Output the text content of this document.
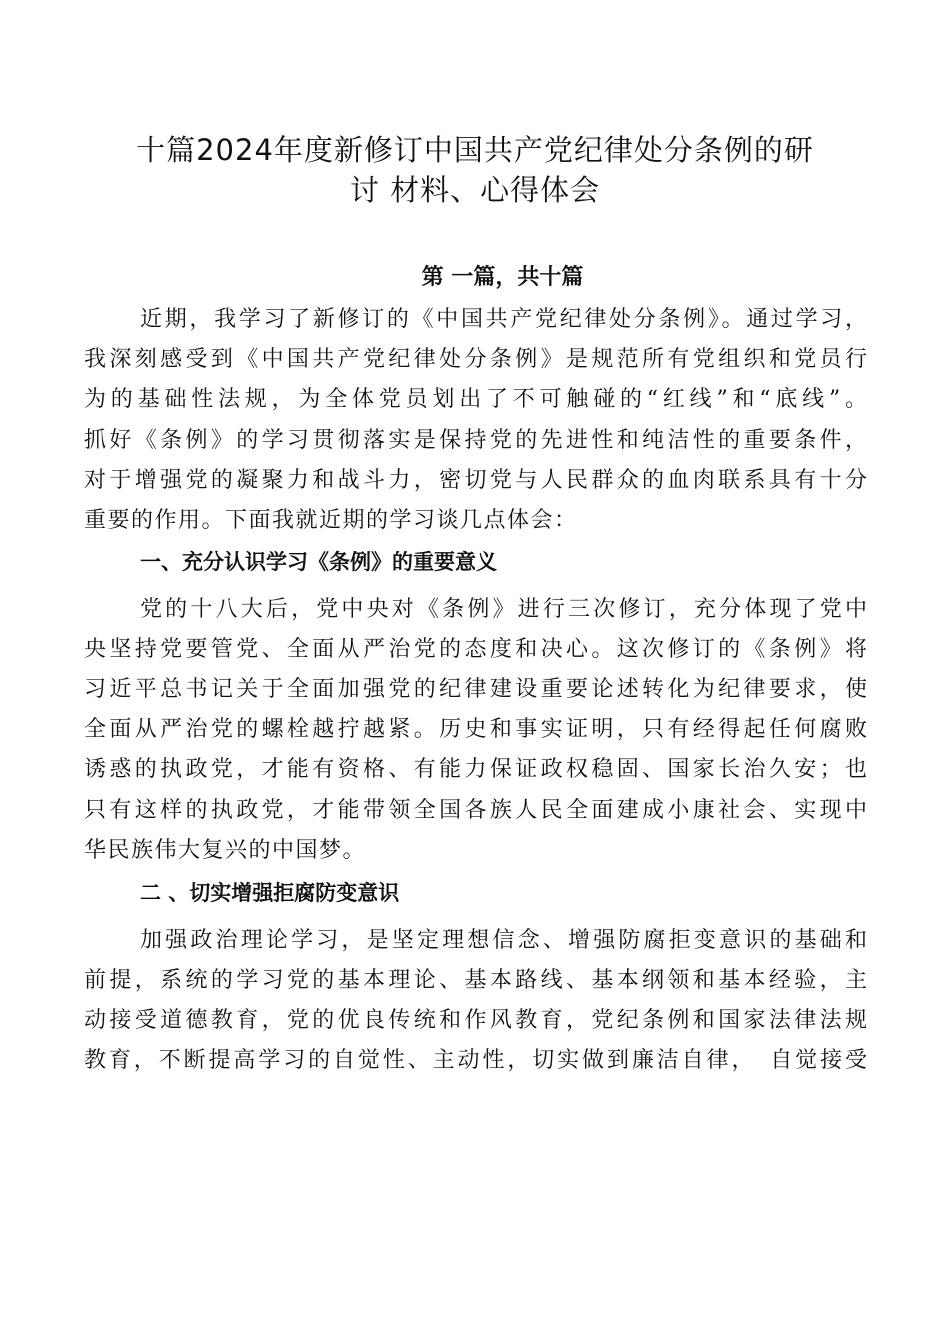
十篇2024年度新修订中国共产党纪律处分条例的研
讨 材料、心得体会
第 一篇，共十篇
近期，我学习了新修订的《中国共产党纪律处分条例》。通过学习，
我深刻感受到《中国共产党纪律处分条例》是规范所有党组织和党员行
为的基础性法规，为全体党员划出了不可触碰的“红线”和“底线”。
抓好《条例》的学习贯彻落实是保持党的先进性和纯洁性的重要条件，
对于增强党的凝聚力和战斗力，密切党与人民群众的血肉联系具有十分
重要的作用。下面我就近期的学习谈几点体会：
一、充分认识学习《条例》的重要意义
党的十八大后，党中央对《条例》进行三次修订，充分体现了党中
央坚持党要管党、全面从严治党的态度和决心。这次修订的《条例》将
习近平总书记关于全面加强党的纪律建设重要论述转化为纪律要求，使
全面从严治党的螺栓越拧越紧。历史和事实证明，只有经得起任何腐败
诱惑的执政党，才能有资格、有能力保证政权稳固、国家长治久安；也
只有这样的执政党，才能带领全国各族人民全面建成小康社会、实现中
华民族伟大复兴的中国梦。
二 、切实增强拒腐防变意识
加强政治理论学习，是坚定理想信念、增强防腐拒变意识的基础和
前提，系统的学习党的基本理论、基本路线、基本纲领和基本经验，主
动接受道德教育，党的优良传统和作风教育，党纪条例和国家法律法规
教育，不断提高学习的自觉性、主动性，切实做到廉洁自律，　自觉接受
